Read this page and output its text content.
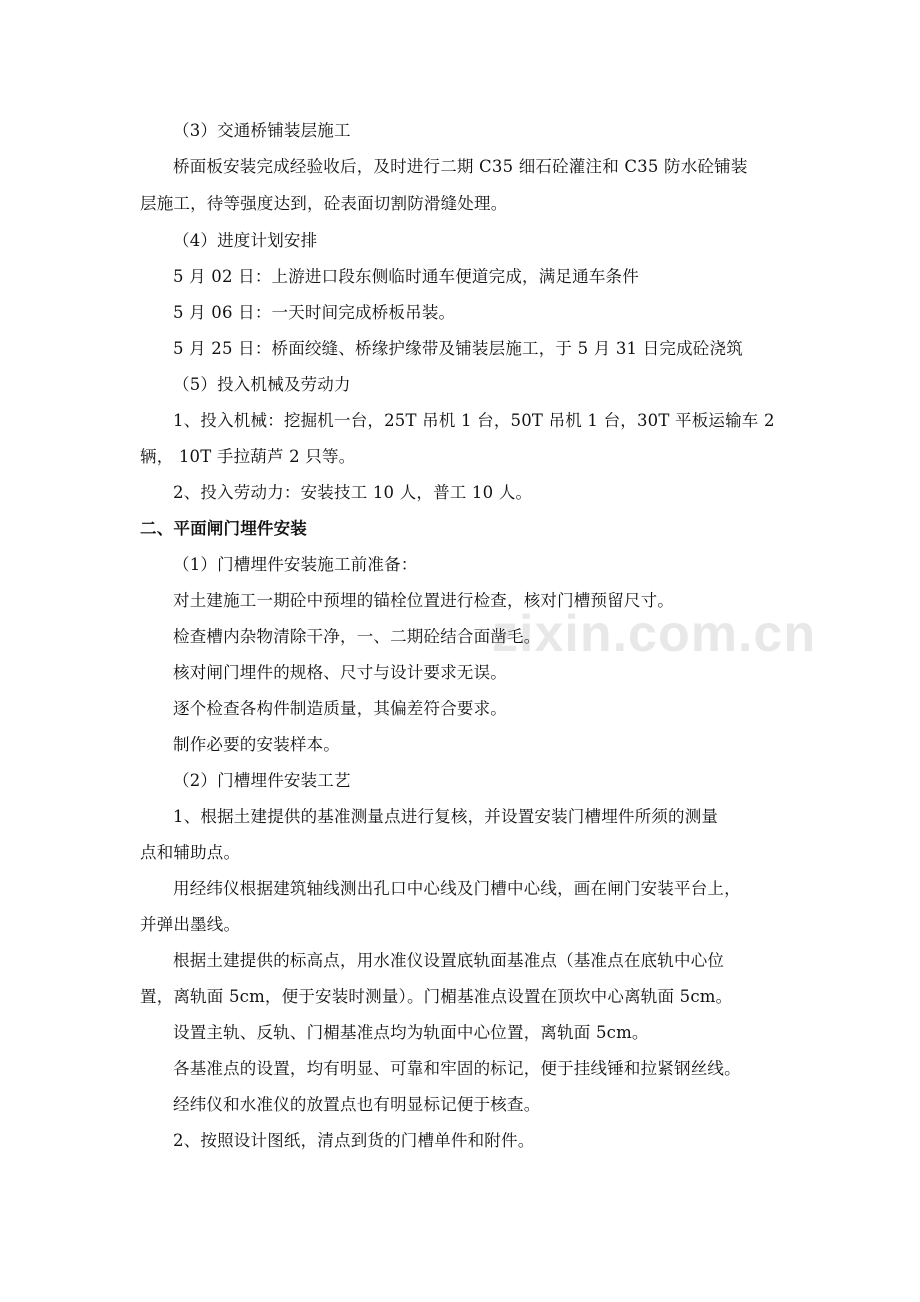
zixin.com.cn
（3）交通桥铺装层施工
桥面板安装完成经验收后，及时进行二期 C35 细石砼灌注和 C35 防水砼铺装
层施工，待等强度达到，砼表面切割防滑缝处理。
（4）进度计划安排
5 月 02 日：上游进口段东侧临时通车便道完成，满足通车条件
5 月 06 日：一天时间完成桥板吊装。
5 月 25 日：桥面绞缝、桥缘护缘带及铺装层施工，于 5 月 31 日完成砼浇筑
（5）投入机械及劳动力
1、投入机械：挖掘机一台，25T 吊机 1 台，50T 吊机 1 台，30T 平板运输车 2
辆， 10T 手拉葫芦 2 只等。
2、投入劳动力：安装技工 10 人，普工 10 人。
二、平面闸门埋件安装
（1）门槽埋件安装施工前准备：
对土建施工一期砼中预埋的锚栓位置进行检查，核对门槽预留尺寸。
检查槽内杂物清除干净，一、二期砼结合面凿毛。
核对闸门埋件的规格、尺寸与设计要求无误。
逐个检查各构件制造质量，其偏差符合要求。
制作必要的安装样本。
（2）门槽埋件安装工艺
1、根据土建提供的基准测量点进行复核，并设置安装门槽埋件所须的测量
点和辅助点。
用经纬仪根据建筑轴线测出孔口中心线及门槽中心线，画在闸门安装平台上，
并弹出墨线。
根据土建提供的标高点，用水准仪设置底轨面基准点（基准点在底轨中心位
置，离轨面 5cm，便于安装时测量）。门楣基准点设置在顶坎中心离轨面 5cm。
设置主轨、反轨、门楣基准点均为轨面中心位置，离轨面 5cm。
各基准点的设置，均有明显、可靠和牢固的标记，便于挂线锤和拉紧钢丝线。
经纬仪和水准仪的放置点也有明显标记便于核查。
2、按照设计图纸，清点到货的门槽单件和附件。
